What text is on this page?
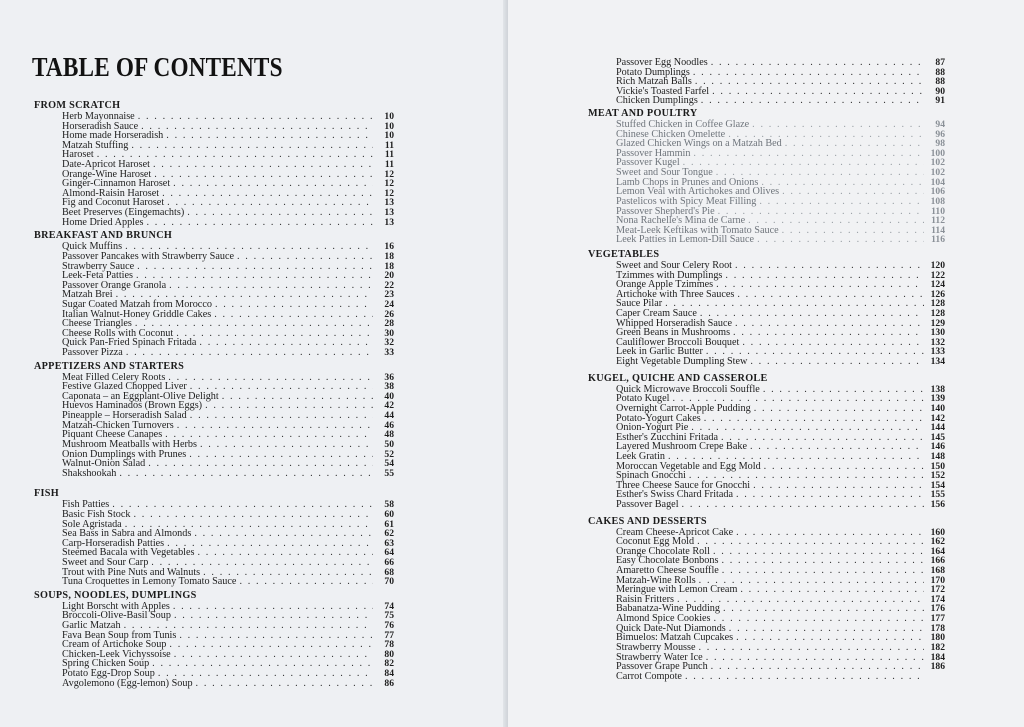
TABLE OF CONTENTS
FROM SCRATCH
Herb Mayonnaise . . .	10
Horseradish Sauce . . .	10
Home made Horseradish . . .	10
Matzah Stuffing . . .	11
Haroset . . .	11
Date-Apricot Haroset . . .	11
Orange-Wine Haroset . . .	12
Ginger-Cinnamon Haroset . . .	12
Almond-Raisin Haroset . . .	12
Fig and Coconut Haroset . . .	13
Beet Preserves (Eingemachts) . . .	13
Home Dried Apples . . .	13
BREAKFAST AND BRUNCH
Quick Muffins . . .	16
Passover Pancakes with Strawberry Sauce . . .	18
Strawberry Sauce . . .	18
Leek-Feta Patties . . .	20
Passover Orange Granola . . .	22
Matzah Brei . . .	23
Sugar Coated Matzah from Morocco . . .	24
Italian Walnut-Honey Griddle Cakes . . .	26
Cheese Triangles . . .	28
Cheese Rolls with Coconut . . .	30
Quick Pan-Fried Spinach Fritada . . .	32
Passover Pizza . . .	33
APPETIZERS AND STARTERS
Meat Filled Celery Roots . . .	36
Festive Glazed Chopped Liver . . .	38
Caponata – an Eggplant-Olive Delight . . .	40
Huevos Haminados (Brown Eggs) . . .	42
Pineapple – Horseradish Salad . . .	44
Matzah-Chicken Turnovers . . .	46
Piquant Cheese Canapes . . .	48
Mushroom Meatballs with Herbs . . .	50
Onion Dumplings with Prunes . . .	52
Walnut-Onion Salad . . .	54
Shakshookah . . .	55
FISH
Fish Patties . . .	58
Basic Fish Stock . . .	60
Sole Agristada . . .	61
Sea Bass in Sabra and Almonds . . .	62
Carp-Horseradish Patties . . .	63
Steemed Bacala with Vegetables . . .	64
Sweet and Sour Carp . . .	66
Trout with Pine Nuts and Walnuts . . .	68
Tuna Croquettes in Lemony Tomato Sauce . . .	70
SOUPS, NOODLES, DUMPLINGS
Light Borscht with Apples . . .	74
Broccoli-Olive-Basil Soup . . .	75
Garlic Matzah . . .	76
Fava Bean Soup from Tunis . . .	77
Cream of Artichoke Soup . . .	78
Chicken-Leek Vichyssoise . . .	80
Spring Chicken Soup . . .	82
Potato Egg-Drop Soup . . .	84
Avgolemono (Egg-lemon) Soup . . .	86
Passover Egg Noodles . . .	87
Potato Dumplings . . .	88
Rich Matzah Balls . . .	88
Vickie's Toasted Farfel . . .	90
Chicken Dumplings . . .	91
MEAT AND POULTRY
Stuffed Chicken in Coffee Glaze . . .	94
Chinese Chicken Omelette . . .	96
Glazed Chicken Wings on a Matzah Bed . . .	98
Passover Hammin . . .	100
Passover Kugel . . .	102
Sweet and Sour Tongue . . .	102
Lamb Chops in Prunes and Onions . . .	104
Lemon Veal with Artichokes and Olives . . .	106
Pastelicos with Spicy Meat Filling . . .	108
Passover Shepherd's Pie . . .	110
Nona Rachelle's Mina de Carne . . .	112
Meat-Leek Keftikas with Tomato Sauce . . .	114
Leek Patties in Lemon-Dill Sauce . . .	116
VEGETABLES
Sweet and Sour Celery Root . . .	120
Tzimmes with Dumplings . . .	122
Orange Apple Tzimmes . . .	124
Artichoke with Three Sauces . . .	126
Sauce Pilar . . .	128
Caper Cream Sauce . . .	128
Whipped Horseradish Sauce . . .	129
Green Beans in Mushrooms . . .	130
Cauliflower Broccoli Bouquet . . .	132
Leek in Garlic Butter . . .	133
Eight Vegetable Dumpling Stew . . .	134
KUGEL, QUICHE AND CASSEROLE
Quick Microwave Broccoli Souffle . . .	138
Potato Kugel . . .	139
Overnight Carrot-Apple Pudding . . .	140
Potato-Yogurt Cakes . . .	142
Onion-Yogurt Pie . . .	144
Esther's Zucchini Fritada . . .	145
Layered Mushroom Crepe Bake . . .	146
Leek Gratin . . .	148
Moroccan Vegetable and Egg Mold . . .	150
Spinach Gnocchi . . .	152
Three Cheese Sauce for Gnocchi . . .	154
Esther's Swiss Chard Fritada . . .	155
Passover Bagel . . .	156
CAKES AND DESSERTS
Cream Cheese-Apricot Cake . . .	160
Coconut Egg Mold . . .	162
Orange Chocolate Roll . . .	164
Easy Chocolate Bonbons . . .	166
Amaretto Cheese Souffle . . .	168
Matzah-Wine Rolls . . .	170
Meringue with Lemon Cream . . .	172
Raisin Fritters . . .	174
Babanatza-Wine Pudding . . .	176
Almond Spice Cookies . . .	177
Quick Date-Nut Diamonds . . .	178
Bimuelos: Matzah Cupcakes . . .	180
Strawberry Mousse . . .	182
Strawberry Water Ice . . .	184
Passover Grape Punch . . .	186
Carrot Compote
. . .
